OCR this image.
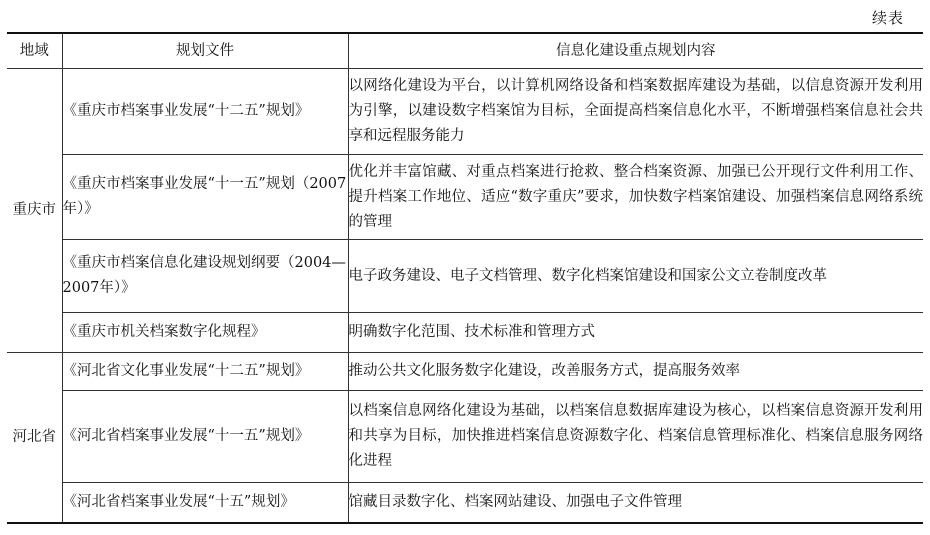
续表
地域	规划文件	信息化建设重点规划内容
重庆市	《重庆市档案事业发展“十二五”规划》	以网络化建设为平台，以计算机网络设备和档案数据库建设为基础，以信息资源开发利用为引擎，以建设数字档案馆为目标，全面提高档案信息化水平，不断增强档案信息社会共享和远程服务能力
	《重庆市档案事业发展“十一五”规划（2007年）》	优化并丰富馆藏、对重点档案进行抢救、整合档案资源、加强已公开现行文件利用工作、提升档案工作地位、适应“数字重庆”要求，加快数字档案馆建设、加强档案信息网络系统的管理
	《重庆市档案信息化建设规划纲要（2004—2007年）》	电子政务建设、电子文档管理、数字化档案馆建设和国家公文立卷制度改革
	《重庆市机关档案数字化规程》	明确数字化范围、技术标准和管理方式
河北省	《河北省文化事业发展“十二五”规划》	推动公共文化服务数字化建设，改善服务方式，提高服务效率
	《河北省档案事业发展“十一五”规划》	以档案信息网络化建设为基础，以档案信息数据库建设为核心，以档案信息资源开发利用和共享为目标，加快推进档案信息资源数字化、档案信息管理标准化、档案信息服务网络化进程
	《河北省档案事业发展“十五”规划》	馆藏目录数字化、档案网站建设、加强电子文件管理
